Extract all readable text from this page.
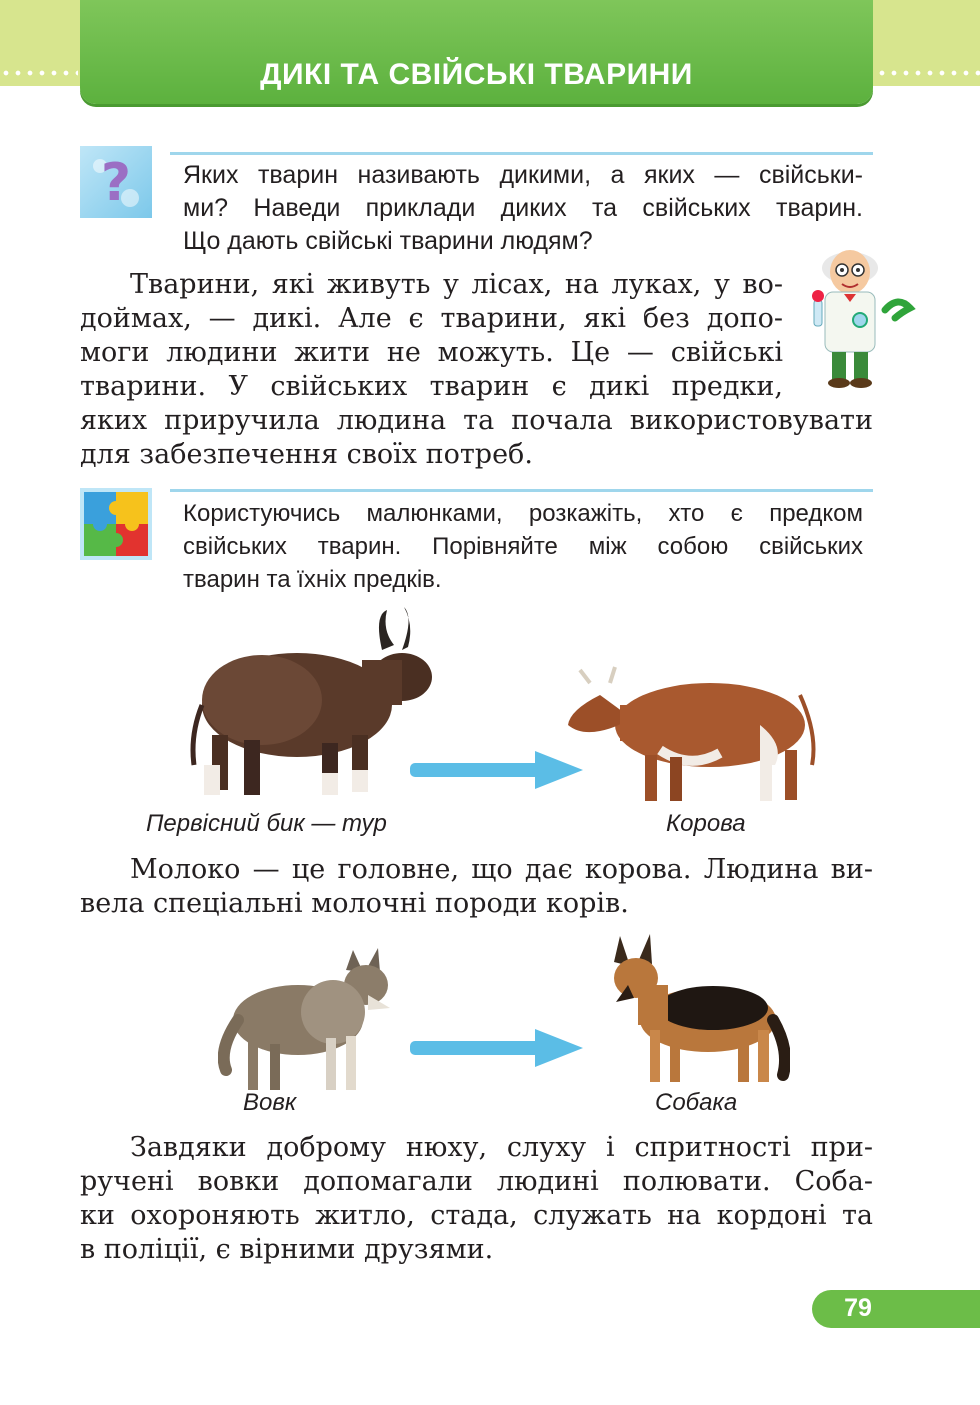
ДИКІ ТА СВІЙСЬКІ ТВАРИНИ
? Яких тварин називають дикими, а яких — свійськи-
ми? Наведи приклади диких та свійських тварин.
Що дають свійські тварини людям?
Тварини, які живуть у лісах, на луках, у во-
доймах, — дикі. Але є тварини, які без допо-
моги людини жити не можуть. Це — свійські
тварини. У свійських тварин є дикі предки,
яких приручила людина та почала використовувати
для забезпечення своїх потреб.
Користуючись малюнками, розкажіть, хто є предком
свійських тварин. Порівняйте між собою свійських
тварин та їхніх предків.
Первісний бик — тур	Корова
Молоко — це головне, що дає корова. Людина ви-
вела спеціальні молочні породи корів.
Вовк	Собака
Завдяки доброму нюху, слуху і спритності при-
ручені вовки допомагали людині полювати. Соба-
ки охороняють житло, стада, служать на кордоні та
в поліції, є вірними друзями.
79
